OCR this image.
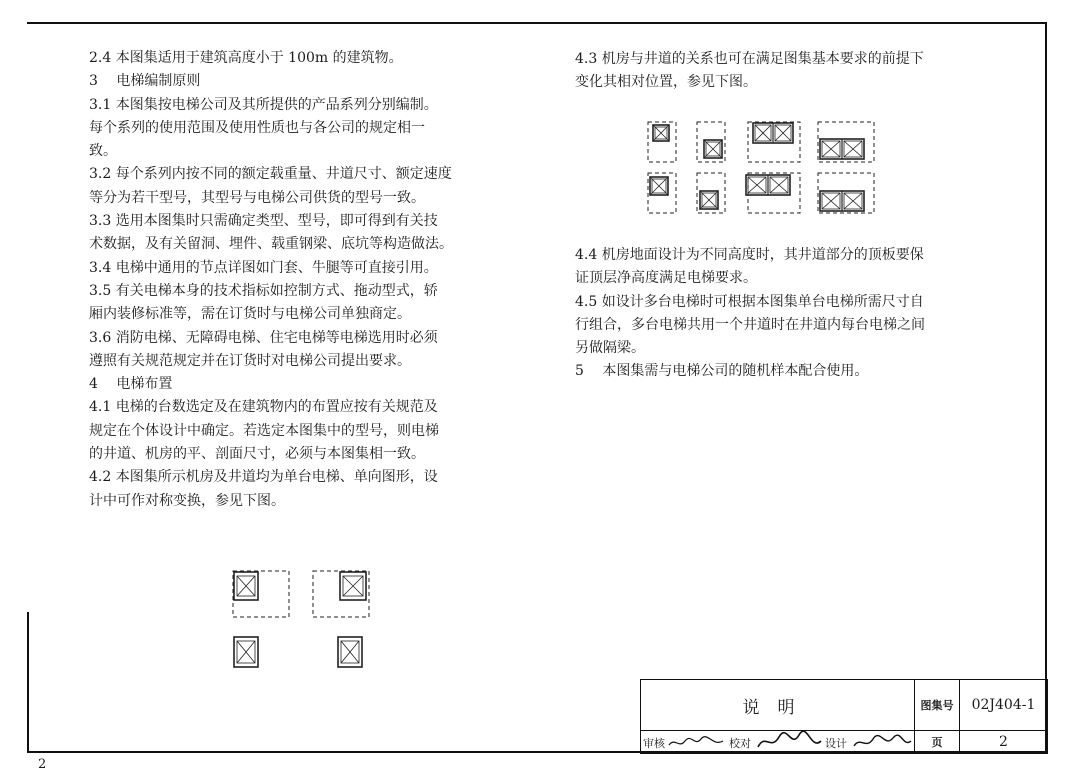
2.4 本图集适用于建筑高度小于 100m 的建筑物。

3　 电梯编制原则

3.1 本图集按电梯公司及其所提供的产品系列分别编制。

每个系列的使用范围及使用性质也与各公司的规定相一

致。

3.2 每个系列内按不同的额定载重量、井道尺寸、额定速度

等分为若干型号，其型号与电梯公司供货的型号一致。

3.3 选用本图集时只需确定类型、型号，即可得到有关技

术数据，及有关留洞、埋件、载重钢梁、底坑等构造做法。

3.4 电梯中通用的节点详图如门套、牛腿等可直接引用。

3.5 有关电梯本身的技术指标如控制方式、拖动型式，轿

厢内装修标准等，需在订货时与电梯公司单独商定。

3.6 消防电梯、无障碍电梯、住宅电梯等电梯选用时必须

遵照有关规范规定并在订货时对电梯公司提出要求。

4　 电梯布置

4.1 电梯的台数选定及在建筑物内的布置应按有关规范及

规定在个体设计中确定。若选定本图集中的型号，则电梯

的井道、机房的平、剖面尺寸，必须与本图集相一致。

4.2 本图集所示机房及井道均为单台电梯、单向图形，设

计中可作对称变换，参见下图。

4.3 机房与井道的关系也可在满足图集基本要求的前提下

变化其相对位置，参见下图。

4.4 机房地面设计为不同高度时，其井道部分的顶板要保

证顶层净高度满足电梯要求。

4.5 如设计多台电梯时可根据本图集单台电梯所需尺寸自

行组合，多台电梯共用一个井道时在井道内每台电梯之间

另做隔梁。

5　 本图集需与电梯公司的随机样本配合使用。

说明	图集号	02J404-1

审核 校对 设计	页	2
2
